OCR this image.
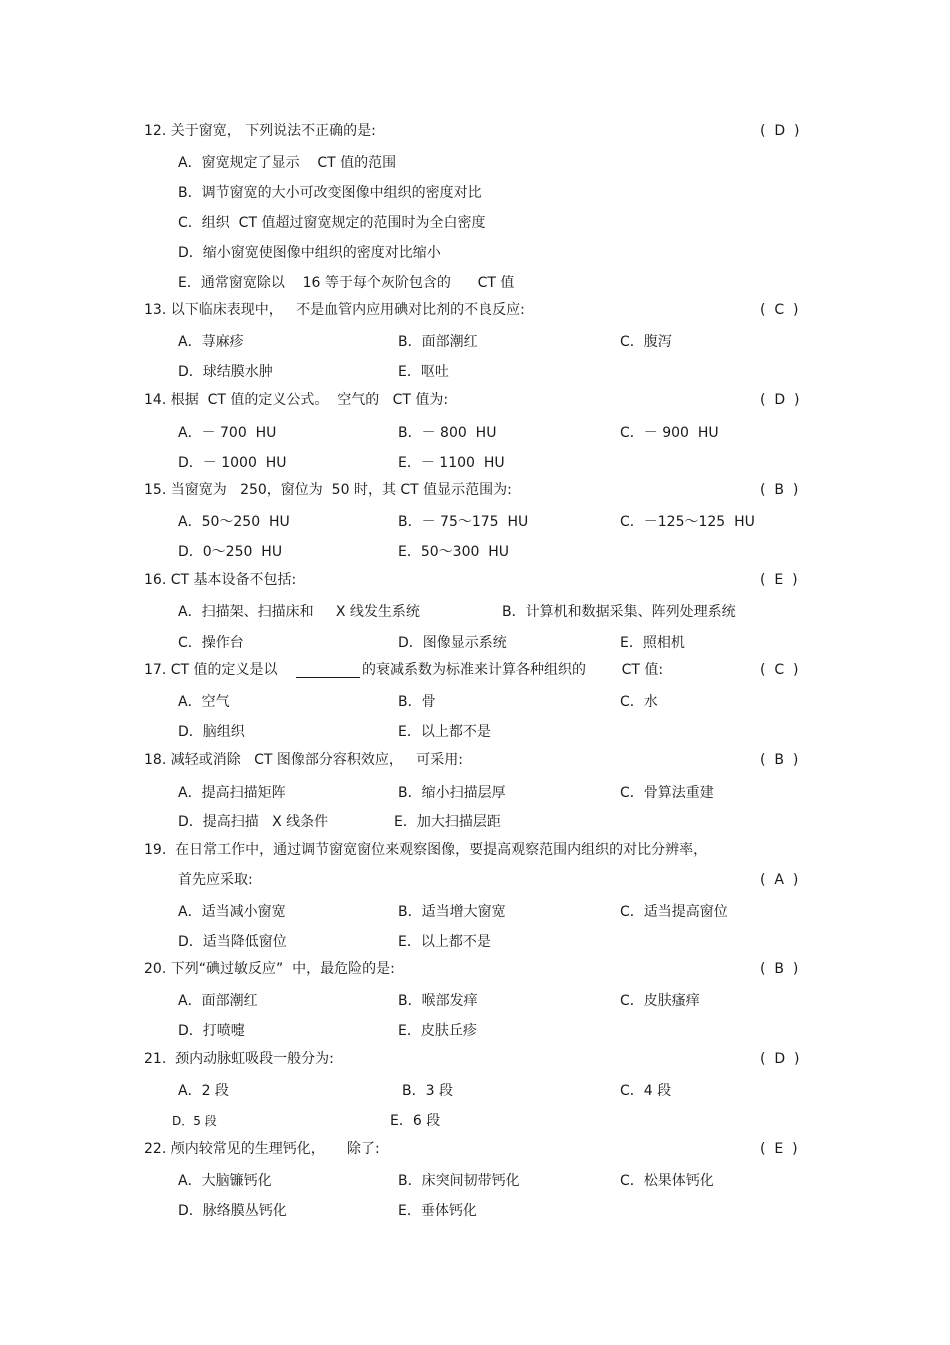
12. 关于窗宽， 下列说法不正确的是:	(  D  )
A．窗宽规定了显示    CT 值的范围
B．调节窗宽的大小可改变图像中组织的密度对比
C．组织  CT 值超过窗宽规定的范围时为全白密度
D．缩小窗宽使图像中组织的密度对比缩小
E．通常窗宽除以    16 等于每个灰阶包含的      CT 值
13. 以下临床表现中，   不是血管内应用碘对比剂的不良反应:	(  C  )
A．荨麻疹	B．面部潮红	C．腹泻
D．球结膜水肿	E．呕吐
14. 根据  CT 值的定义公式。  空气的   CT 值为:	(  D  )
A．－ 700  HU	B．－ 800  HU	C．－ 900  HU
D．－ 1000  HU	E．－ 1100  HU
15. 当窗宽为   250，窗位为  50 时，其 CT 值显示范围为:	(  B  )
A．50～250  HU	B．－ 75～175  HU	C．－125～125  HU
D．0～250  HU	E．50～300  HU
16. CT 基本设备不包括:	(  E  )
A．扫描架、扫描床和     X 线发生系统	B．计算机和数据采集、阵列处理系统
C．操作台	D．图像显示系统	E．照相机
17. CT 值的定义是以	的衰减系数为标准来计算各种组织的        CT 值:	(  C  )
A．空气	B．骨	C．水
D．脑组织	E．以上都不是
18. 减轻或消除   CT 图像部分容积效应，   可采用:	(  B  )
A．提高扫描矩阵	B．缩小扫描层厚	C．骨算法重建
D．提高扫描   X 线条件	E．加大扫描层距
19.  在日常工作中，通过调节窗宽窗位来观察图像，要提高观察范围内组织的对比分辨率，
首先应采取:	(  A  )
A．适当减小窗宽	B．适当增大窗宽	C．适当提高窗位
D．适当降低窗位	E．以上都不是
20. 下列“碘过敏反应”  中，最危险的是:	(  B  )
A．面部潮红	B．喉部发痒	C．皮肤瘙痒
D．打喷嚏	E．皮肤丘疹
21.  颈内动脉虹吸段一般分为:	(  D  )
A．2 段	B．3 段	C．4 段
D．5 段	E．6 段
22. 颅内较常见的生理钙化，     除了:	(  E  )
A．大脑镰钙化	B．床突间韧带钙化	C．松果体钙化
D．脉络膜丛钙化	E．垂体钙化
